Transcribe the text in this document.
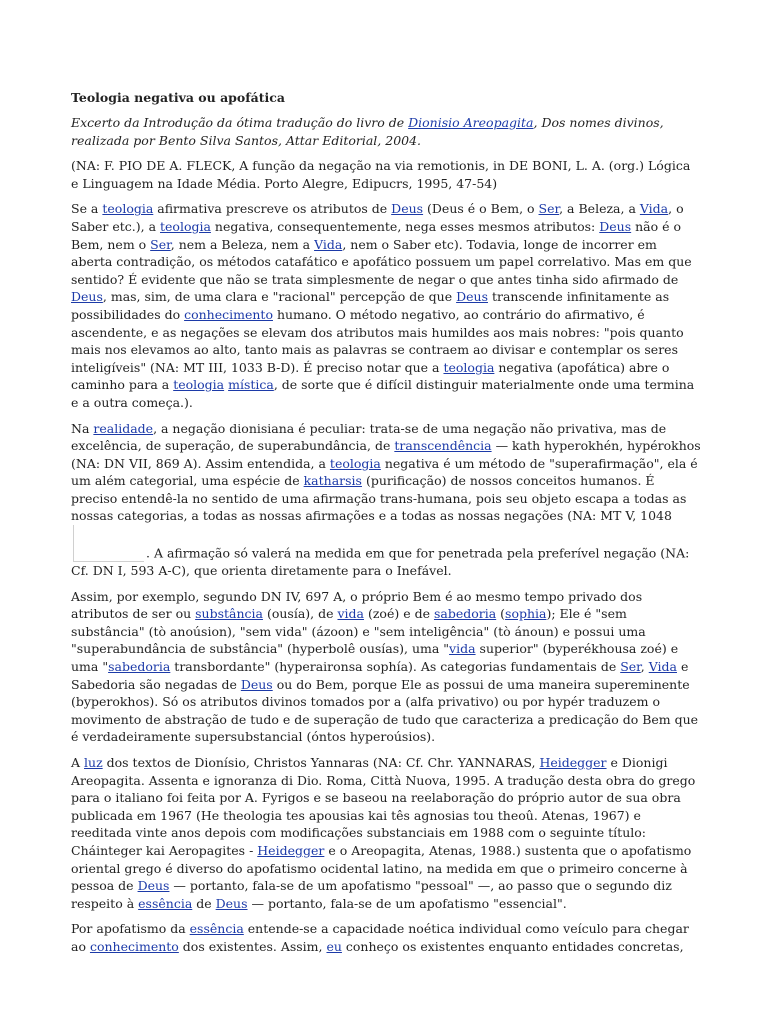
Teologia negativa ou apofática

Excerto da Introdução da ótima tradução do livro de Dionisio Areopagita, Dos nomes divinos, realizada por Bento Silva Santos, Attar Editorial, 2004.

(NA: F. PIO DE A. FLECK, A função da negação na via remotionis, in DE BONI, L. A. (org.) Lógica e Linguagem na Idade Média. Porto Alegre, Edipucrs, 1995, 47-54)

Se a teologia afirmativa prescreve os atributos de Deus (Deus é o Bem, o Ser, a Beleza, a Vida, o Saber etc.), a teologia negativa, consequentemente, nega esses mesmos atributos: Deus não é o Bem, nem o Ser, nem a Beleza, nem a Vida, nem o Saber etc). Todavia, longe de incorrer em aberta contradição, os métodos catafático e apofático possuem um papel correlativo. Mas em que sentido? É evidente que não se trata simplesmente de negar o que antes tinha sido afirmado de Deus, mas, sim, de uma clara e "racional" percepção de que Deus transcende infinitamente as possibilidades do conhecimento humano. O método negativo, ao contrário do afirmativo, é ascendente, e as negações se elevam dos atributos mais humildes aos mais nobres: "pois quanto mais nos elevamos ao alto, tanto mais as palavras se contraem ao divisar e contemplar os seres inteligíveis" (NA: MT III, 1033 B-D). É preciso notar que a teologia negativa (apofática) abre o caminho para a teologia mística, de sorte que é difícil distinguir materialmente onde uma termina e a outra começa.).

Na realidade, a negação dionisiana é peculiar: trata-se de uma negação não privativa, mas de excelência, de superação, de superabundância, de transcendência — kath hyperokhén, hypérokhos (NA: DN VII, 869 A). Assim entendida, a teologia negativa é um método de "superafirmação", ela é um além categorial, uma espécie de katharsis (purificação) de nossos conceitos humanos. É preciso entendê-la no sentido de uma afirmação trans-humana, pois seu objeto escapa a todas as nossas categorias, a todas as nossas afirmações e a todas as nossas negações (NA: MT V, 1048. A afirmação só valerá na medida em que for penetrada pela preferível negação (NA: Cf. DN I, 593 A-C), que orienta diretamente para o Inefável.

Assim, por exemplo, segundo DN IV, 697 A, o próprio Bem é ao mesmo tempo privado dos atributos de ser ou substância (ousía), de vida (zoé) e de sabedoria (sophia); Ele é "sem substância" (tò anoúsion), "sem vida" (ázoon) e "sem inteligência" (tò ánoun) e possui uma "superabundância de substância" (hyperbolê ousías), uma "vida superior" (byperékhousa zoé) e uma "sabedoria transbordante" (hyperaironsa sophía). As categorias fundamentais de Ser, Vida e Sabedoria são negadas de Deus ou do Bem, porque Ele as possui de uma maneira supereminente (byperokhos). Só os atributos divinos tomados por a (alfa privativo) ou por hypér traduzem o movimento de abstração de tudo e de superação de tudo que caracteriza a predicação do Bem que é verdadeiramente supersubstancial (óntos hyperoúsios).

A luz dos textos de Dionísio, Christos Yannaras (NA: Cf. Chr. YANNARAS, Heidegger e Dionigi Areopagita. Assenta e ignoranza di Dio. Roma, Città Nuova, 1995. A tradução desta obra do grego para o italiano foi feita por A. Fyrigos e se baseou na reelaboração do próprio autor de sua obra publicada em 1967 (He theologia tes apousias kai tês agnosias tou theoû. Atenas, 1967) e reeditada vinte anos depois com modificações substanciais em 1988 com o seguinte título: Cháinteger kai Aeropagites - Heidegger e o Areopagita, Atenas, 1988.) sustenta que o apofatismo oriental grego é diverso do apofatismo ocidental latino, na medida em que o primeiro concerne à pessoa de Deus — portanto, fala-se de um apofatismo "pessoal" —, ao passo que o segundo diz respeito à essência de Deus — portanto, fala-se de um apofatismo "essencial".

Por apofatismo da essência entende-se a capacidade noética individual como veículo para chegar ao conhecimento dos existentes. Assim, eu conheço os existentes enquanto entidades concretas,
